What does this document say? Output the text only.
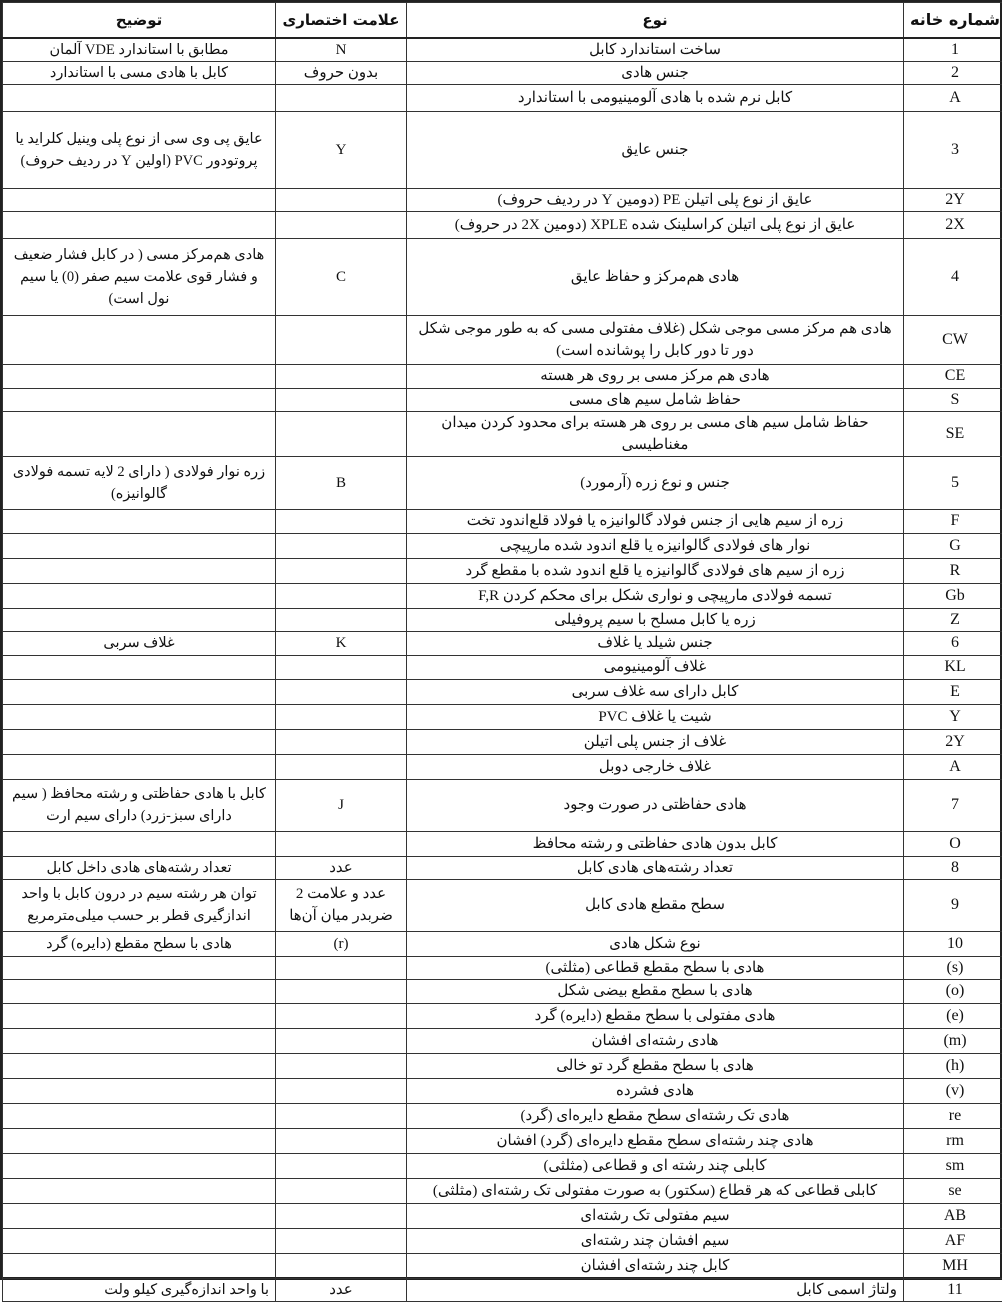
شماره خانه	نوع	علامت اختصاری	توضیح
1	ساخت استاندارد کابل	N	مطابق با استاندارد VDE آلمان
2	جنس هادی	بدون حروف	کابل با هادی مسی با استاندارد
A	کابل نرم شده با هادی آلومینیومی با استاندارد		
3	جنس عایق	Y	عایق پی وی سی از نوع پلی وینیل کلراید یا پروتودور PVC (اولین Y در ردیف حروف)
2Y	عایق از نوع پلی اتیلن PE (دومین Y در ردیف حروف)		
2X	عایق از نوع پلی اتیلن کراسلینک شده XPLE (دومین 2X در حروف)		
4	هادی هم‌مرکز و حفاظ عایق	C	هادی هم‌مرکز مسی ( در کابل فشار ضعیف و فشار قوی علامت سیم صفر (0) یا سیم نول است)
CW	هادی هم مرکز مسی موجی شکل (غلاف مفتولی مسی که به طور موجی شکل دور تا دور کابل را پوشانده است)		
CE	هادی هم مرکز مسی بر روی هر هسته		
S	حفاظ شامل سیم های مسی		
SE	حفاظ شامل سیم های مسی بر روی هر هسته برای محدود کردن میدان مغناطیسی		
5	جنس و نوع زره (آرمورد)	B	زره نوار فولادی ( دارای 2 لایه تسمه فولادی گالوانیزه)
F	زره از سیم هایی از جنس فولاد گالوانیزه یا فولاد قلع‌اندود تخت		
G	نوار های فولادی گالوانیزه یا قلع اندود شده مارپیچی		
R	زره از سیم های فولادی گالوانیزه یا قلع اندود شده با مقطع گرد		
Gb	تسمه فولادی مارپیچی و نواری شکل برای محکم کردن F,R		
Z	زره یا کابل مسلح با سیم پروفیلی		
6	جنس شیلد یا غلاف	K	غلاف سربی
KL	غلاف آلومینیومی		
E	کابل دارای سه غلاف سربی		
Y	شیت یا غلاف PVC		
2Y	غلاف از جنس پلی اتیلن		
A	غلاف خارجی دوبل		
7	هادی حفاظتی در صورت وجود	J	کابل با هادی حفاظتی و رشته محافظ ( سیم دارای سبز-زرد) دارای سیم ارت
O	کابل بدون هادی حفاظتی و رشته محافظ		
8	تعداد رشته‌های هادی کابل	عدد	تعداد رشته‌های هادی داخل کابل
9	سطح مقطع هادی کابل	عدد و علامت 2 ضربدر میان آن‌ها	توان هر رشته سیم در درون کابل با واحد اندازگیری قطر بر حسب میلی‌مترمربع
10	نوع شکل هادی	(r)	هادی با سطح مقطع (دایره) گرد
(s)	هادی با سطح مقطع قطاعی (مثلثی)		
(o)	هادی با سطح مقطع بیضی شکل		
(e)	هادی مفتولی با سطح مقطع (دایره) گرد		
(m)	هادی رشته‌ای افشان		
(h)	هادی با سطح مقطع گرد تو خالی		
(v)	هادی فشرده		
re	هادی تک رشته‌ای سطح مقطع دایره‌ای (گرد)		
rm	هادی چند رشته‌ای سطح مقطع دایره‌ای (گرد) افشان		
sm	کابلی چند رشته ای و قطاعی (مثلثی)		
se	کابلی قطاعی که هر قطاع (سکتور) به صورت مفتولی تک رشته‌ای (مثلثی)		
AB	سیم مفتولی تک رشته‌ای		
AF	سیم افشان چند رشته‌ای		
MH	کابل چند رشته‌ای افشان		
11	ولتاژ اسمی کابل	عدد	با واحد اندازه‌گیری کیلو ولت
